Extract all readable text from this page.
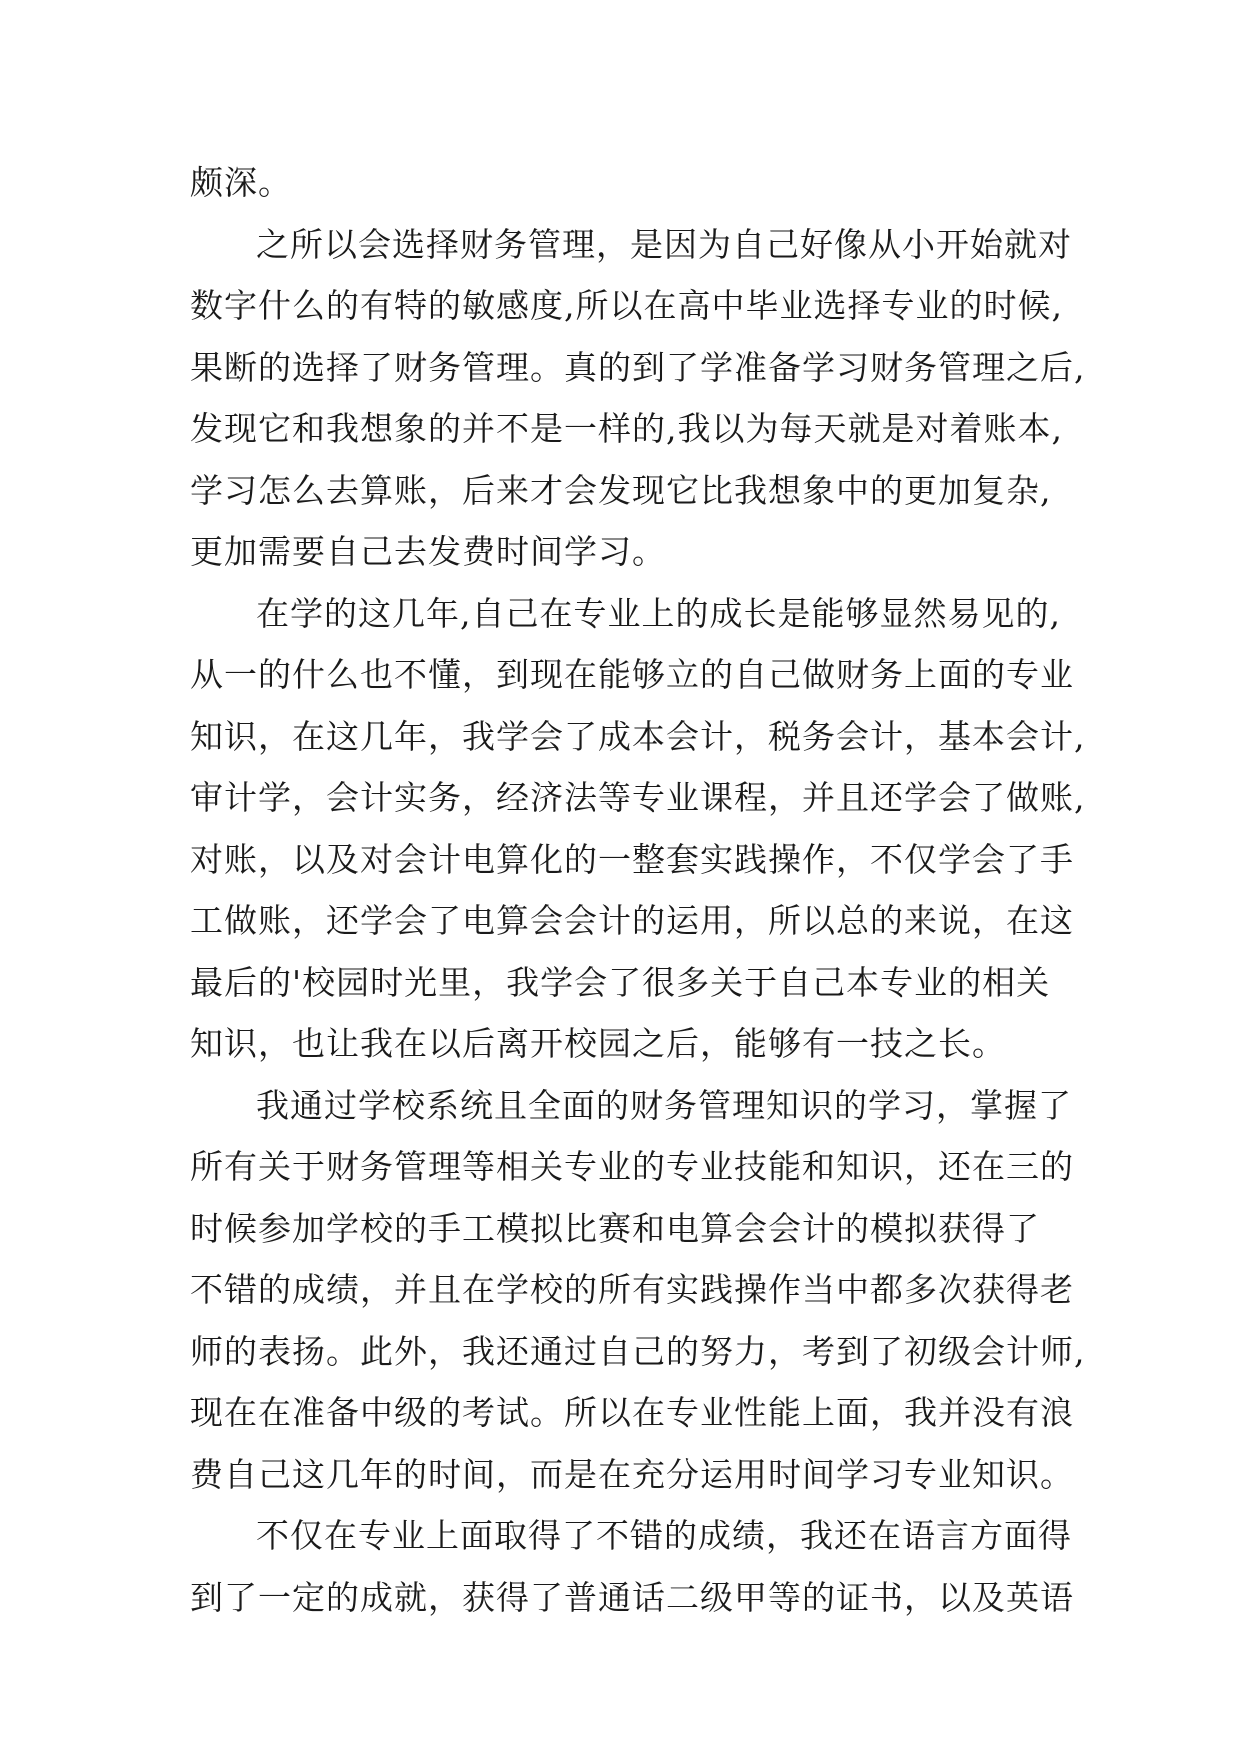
颇深。
之所以会选择财务管理，是因为自己好像从小开始就对
数字什么的有特的敏感度,所以在高中毕业选择专业的时候,
果断的选择了财务管理。真的到了学准备学习财务管理之后,
发现它和我想象的并不是一样的,我以为每天就是对着账本,
学习怎么去算账，后来才会发现它比我想象中的更加复杂,
更加需要自己去发费时间学习。
在学的这几年,自己在专业上的成长是能够显然易见的,
从一的什么也不懂，到现在能够立的自己做财务上面的专业
知识，在这几年，我学会了成本会计，税务会计，基本会计,
审计学，会计实务，经济法等专业课程，并且还学会了做账,
对账，以及对会计电算化的一整套实践操作，不仅学会了手
工做账，还学会了电算会会计的运用，所以总的来说，在这
最后的'校园时光里，我学会了很多关于自己本专业的相关
知识，也让我在以后离开校园之后，能够有一技之长。
我通过学校系统且全面的财务管理知识的学习，掌握了
所有关于财务管理等相关专业的专业技能和知识，还在三的
时候参加学校的手工模拟比赛和电算会会计的模拟获得了
不错的成绩，并且在学校的所有实践操作当中都多次获得老
师的表扬。此外，我还通过自己的努力，考到了初级会计师,
现在在准备中级的考试。所以在专业性能上面，我并没有浪
费自己这几年的时间，而是在充分运用时间学习专业知识。
不仅在专业上面取得了不错的成绩，我还在语言方面得
到了一定的成就，获得了普通话二级甲等的证书，以及英语
